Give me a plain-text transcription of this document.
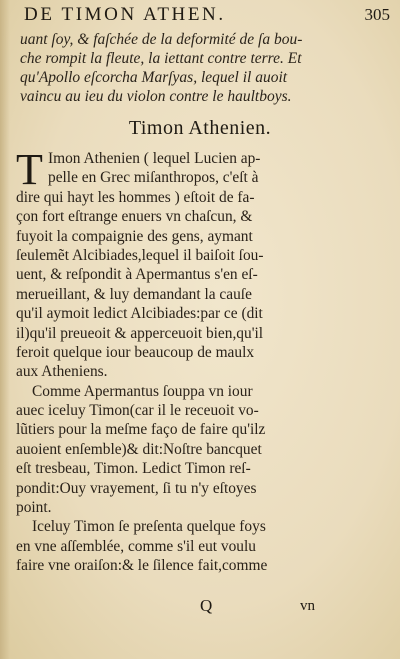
DE TIMON ATHEN.	305
uant ſoy, & faſchée de la deformité de ſa bou-
che rompit la fleute, la iettant contre terre. Et
qu'Apollo eſcorcha Marſyas, lequel il auoit
vaincu au ieu du violon contre le haultboys.
Timon Athenien.
T Imon Athenien ( lequel Lucien ap-
pelle en Grec miſanthropos, c'eſt à
dire qui hayt les hommes ) eſtoit de fa-
çon fort eſtrange enuers vn chaſcun, &
fuyoit la compaignie des gens, aymant
ſeulemẽt Alcibiades,lequel il baiſoit ſou-
uent, & reſpondit à Apermantus s'en eſ-
merueillant, & luy demandant la cauſe
qu'il aymoit ledict Alcibiades:par ce (dit
il)qu'il preueoit & apperceuoit bien,qu'il
feroit quelque iour beaucoup de maulx
aux Atheniens.
Comme Apermantus ſouppa vn iour
auec iceluy Timon(car il le receuoit vo-
lũtiers pour la meſme faço de faire qu'ilz
auoient enſemble)& dit:Noſtre bancquet
eſt tresbeau, Timon. Ledict Timon reſ-
pondit:Ouy vrayement, ſi tu n'y eſtoyes
point.
Iceluy Timon ſe preſenta quelque foys
en vne aſſemblée, comme s'il eut voulu
faire vne oraiſon:& le ſilence fait,comme
Q	vn
